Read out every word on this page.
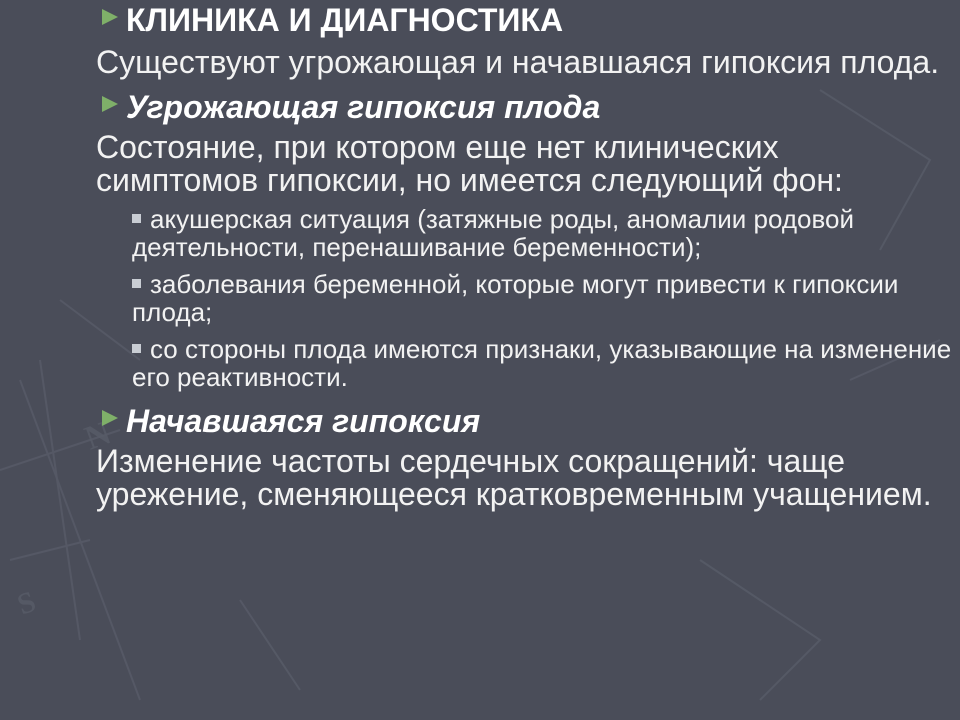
N
S
КЛИНИКА И ДИАГНОСТИКА

Существуют угрожающая и начавшаяся гипоксия плода.

Угрожающая гипоксия плода

Состояние, при котором еще нет клинических симптомов гипоксии, но имеется следующий фон:

акушерская ситуация (затяжные роды, аномалии родовой деятельности, перенашивание беременности);

заболевания беременной, которые могут привести к гипоксии плода;

со стороны плода имеются признаки, указывающие на изменение его реактивности.

Начавшаяся гипоксия

Изменение частоты сердечных сокращений: чаще урежение, сменяющееся кратковременным учащением.
